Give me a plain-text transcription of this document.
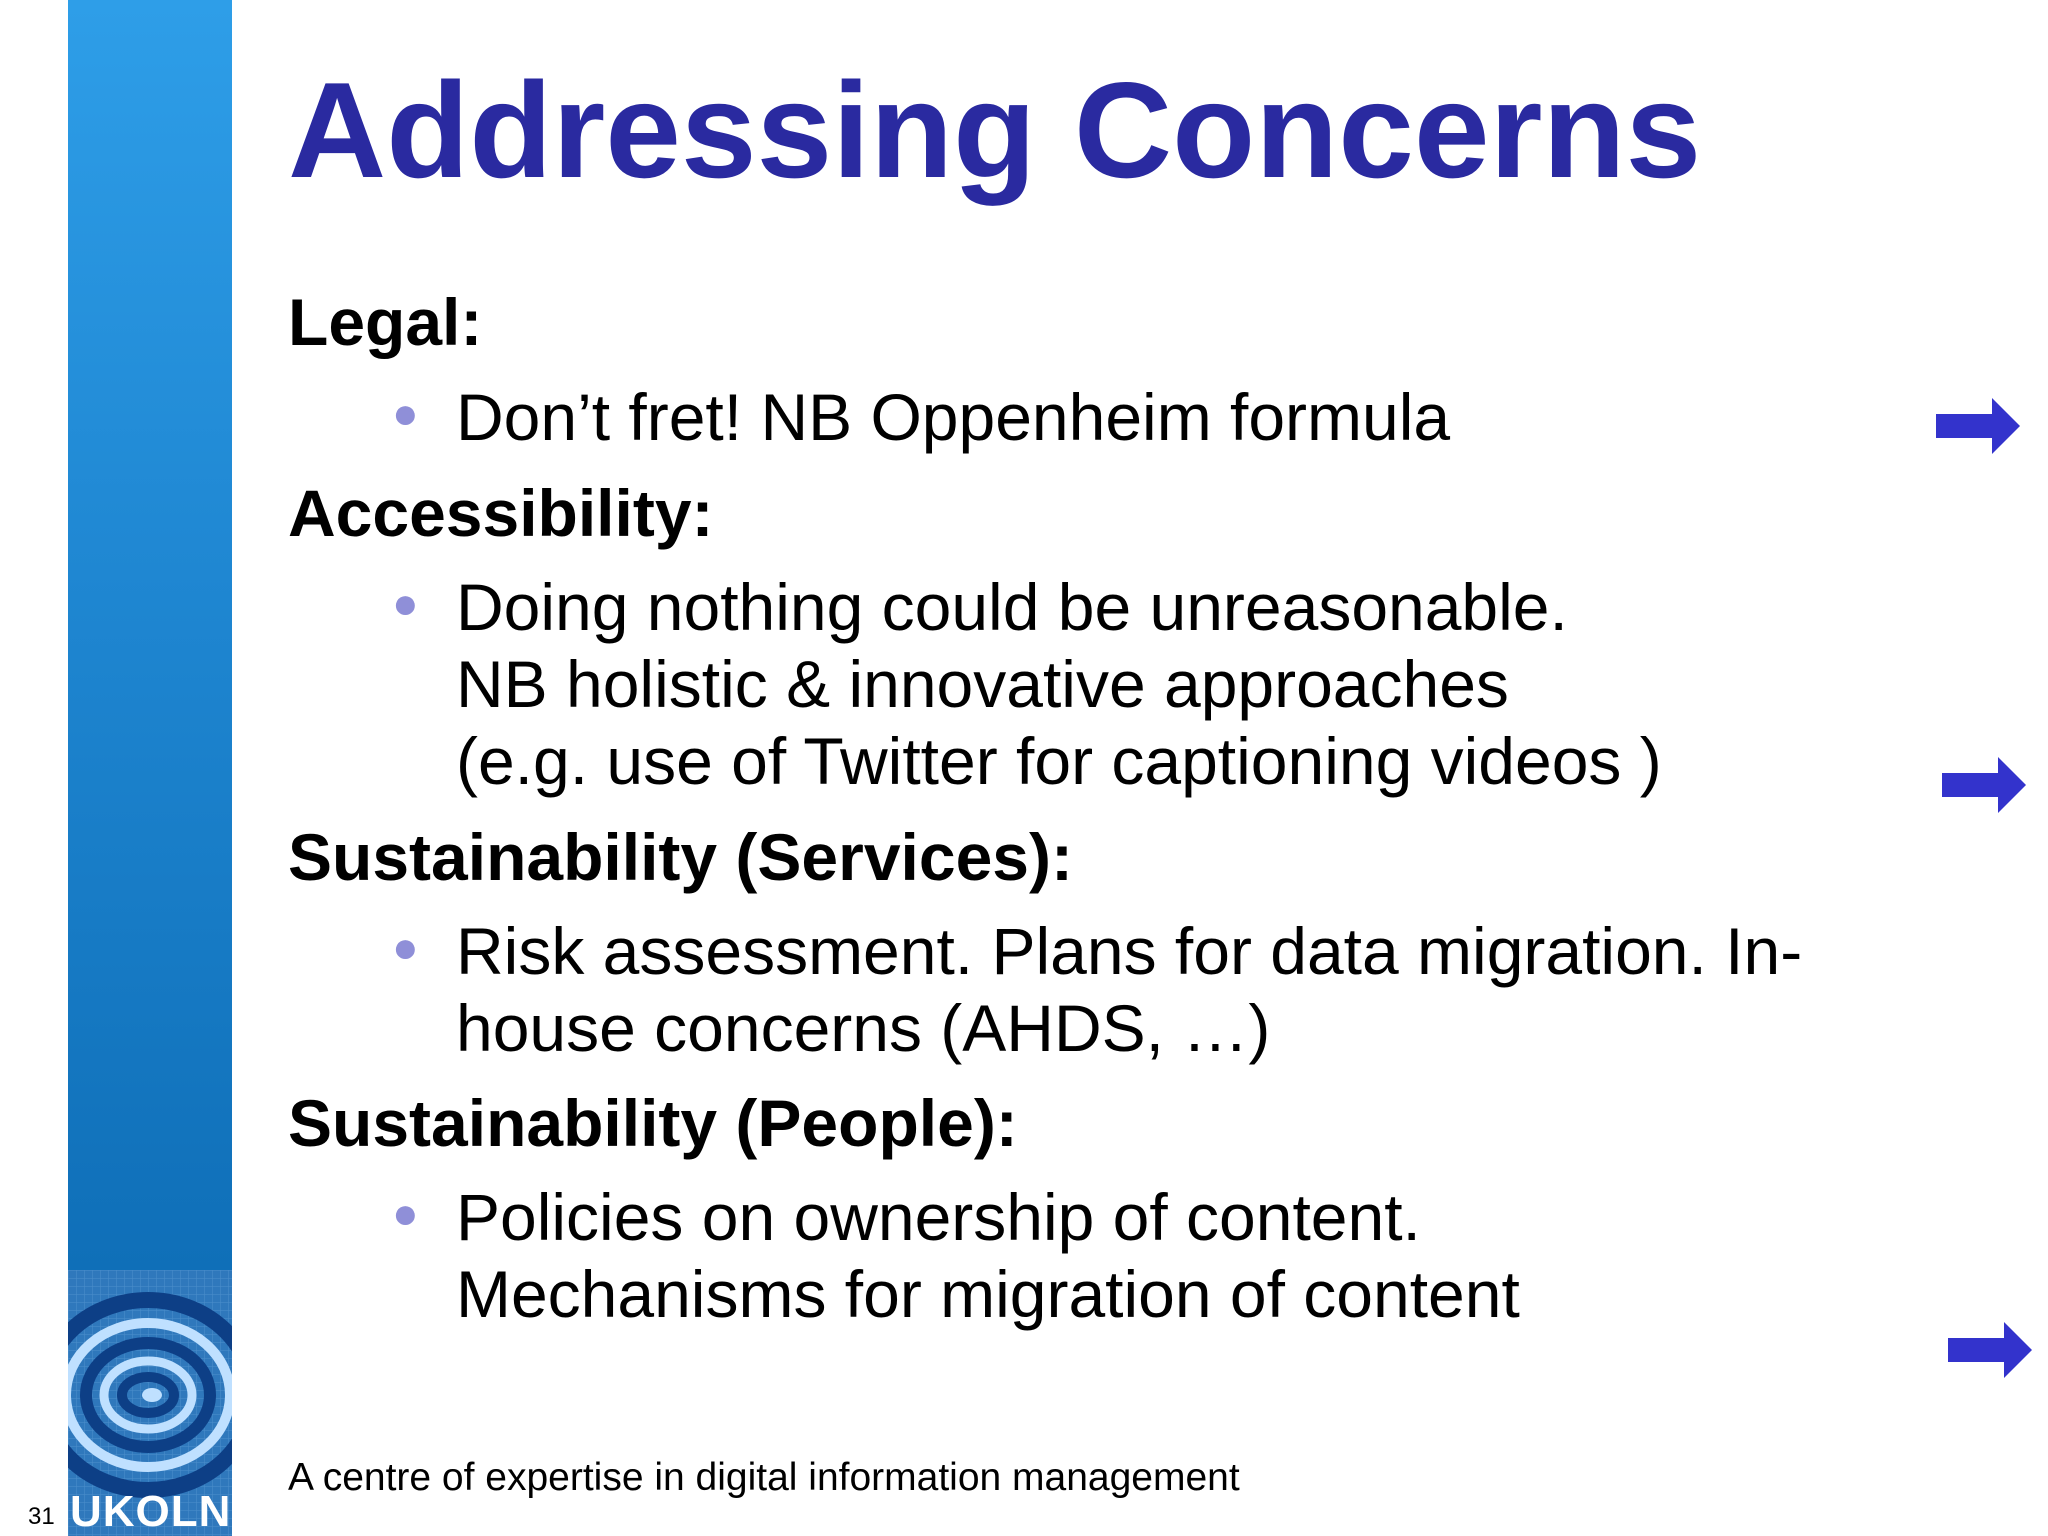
UKOLN
31
Addressing Concerns
Legal:
● Don’t fret! NB Oppenheim formula
Accessibility:
● Doing nothing could be unreasonable.
NB holistic & innovative approaches
(e.g. use of Twitter for captioning videos )
Sustainability (Services):
● Risk assessment. Plans for data migration. In-
house concerns (AHDS, …)
Sustainability (People):
● Policies on ownership of content.
Mechanisms for migration of content
A centre of expertise in digital information management
